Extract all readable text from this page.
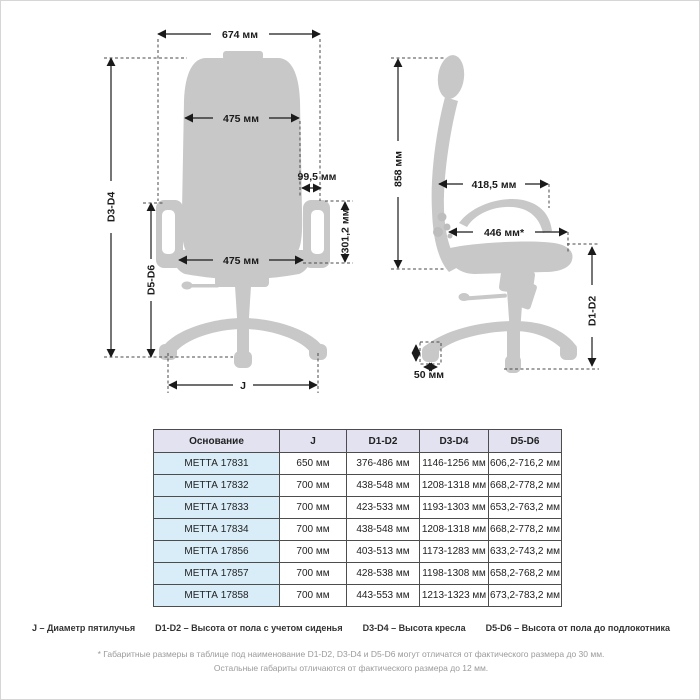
674 мм
D3-D4
D5-D6
475 мм
99,5 мм
301,2 мм
475 мм
J
858 мм	418,5 мм
446 мм*
D1-D2
50 мм
Основание	J	D1-D2	D3-D4	D5-D6
МЕТТА 17831	650 мм	376-486 мм	1146-1256 мм	606,2-716,2 мм
МЕТТА 17832	700 мм	438-548 мм	1208-1318 мм	668,2-778,2 мм
МЕТТА 17833	700 мм	423-533 мм	1193-1303 мм	653,2-763,2 мм
МЕТТА 17834	700 мм	438-548 мм	1208-1318 мм	668,2-778,2 мм
МЕТТА 17856	700 мм	403-513 мм	1173-1283 мм	633,2-743,2 мм
МЕТТА 17857	700 мм	428-538 мм	1198-1308 мм	658,2-768,2 мм
МЕТТА 17858	700 мм	443-553 мм	1213-1323 мм	673,2-783,2 мм
J – Диаметр пятилучья D1-D2 – Высота от пола с учетом сиденья D3-D4 – Высота кресла D5-D6 – Высота от пола до подлокотника
* Габаритные размеры в таблице под наименование D1-D2, D3-D4 и D5-D6 могут отличатся от фактического размера до 30 мм.
Остальные габариты отличаются от фактического размера до 12 мм.
